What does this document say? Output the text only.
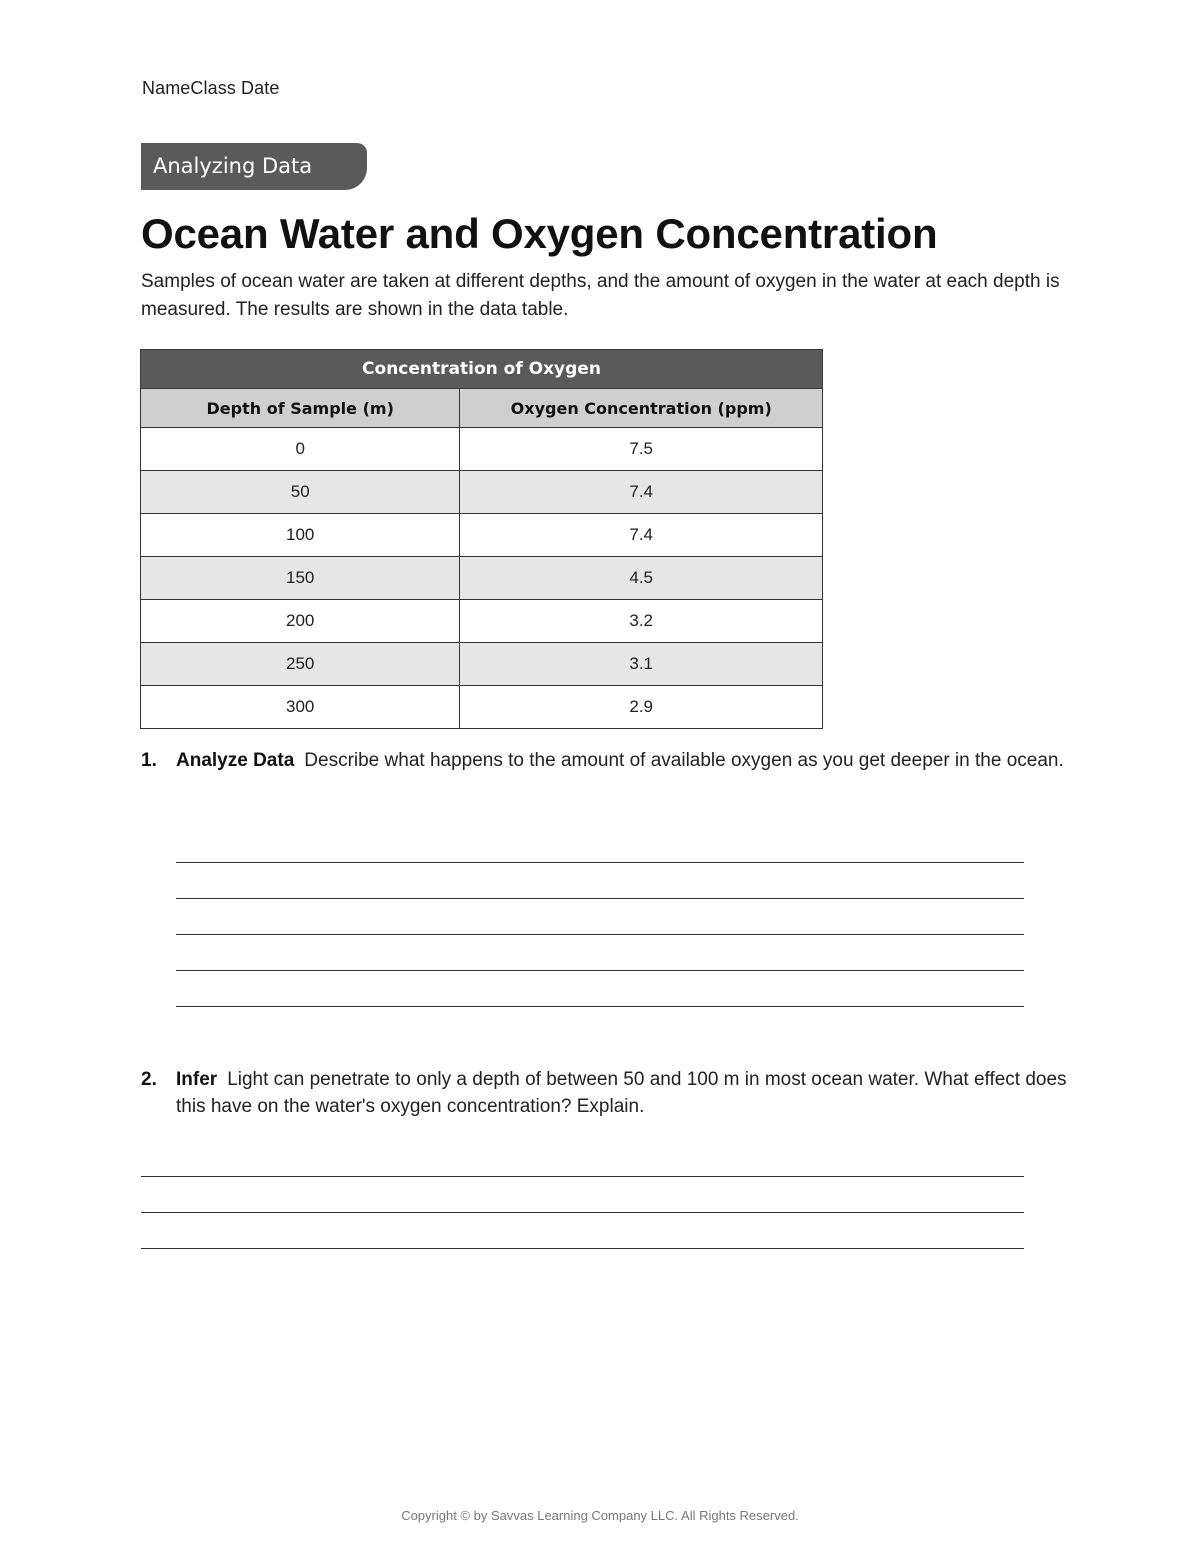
NameClass Date
Analyzing Data
Ocean Water and Oxygen Concentration

Samples of ocean water are taken at different depths, and the amount of oxygen in the water at each depth is measured. The results are shown in the data table.

Concentration of Oxygen	
Depth of Sample (m)	Oxygen Concentration (ppm)
0	7.5
50	7.4
100	7.4
150	4.5
200	3.2
250	3.1
300	2.9
1. Analyze Data Describe what happens to the amount of available oxygen as you get deeper in the ocean.
2. Infer Light can penetrate to only a depth of between 50 and 100 m in most ocean water. What effect does this have on the water's oxygen concentration? Explain.
Copyright © by Savvas Learning Company LLC. All Rights Reserved.
